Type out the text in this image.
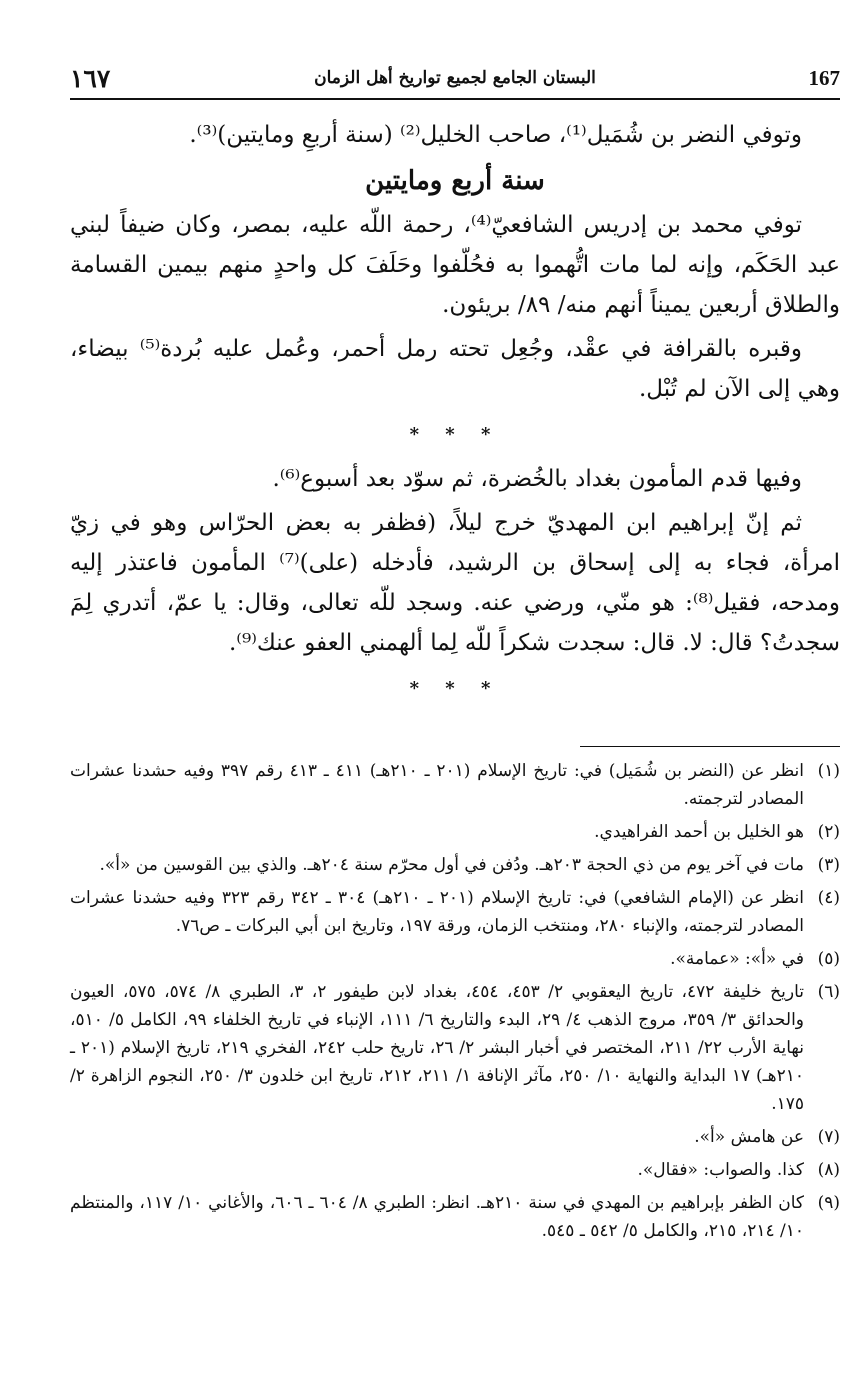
١٦٧	البستان الجامع لجميع تواريخ أهل الزمان	167

وتوفي النضر بن شُمَيل⁽¹⁾، صاحب الخليل⁽²⁾ (سنة أربعِ ومايتين)⁽³⁾.

سنة أربع ومايتين

توفي محمد بن إدريس الشافعيّ⁽⁴⁾، رحمة اللّه عليه، بمصر، وكان ضيفاً لبني عبد الحَكَم، وإنه لما مات اتُّهموا به فحُلّفوا وحَلَفَ كل واحدٍ منهم بيمين القسامة والطلاق أربعين يميناً أنهم منه/ ٨٩/ بريئون.

وقبره بالقرافة في عقْد، وجُعِل تحته رمل أحمر، وعُمل عليه بُردة⁽⁵⁾ بيضاء، وهي إلى الآن لم تُبْل.

* * *

وفيها قدم المأمون بغداد بالخُضرة، ثم سوّد بعد أسبوع⁽⁶⁾.

ثم إنّ إبراهيم ابن المهديّ خرج ليلاً، (فظفر به بعض الحرّاس وهو في زيّ امرأة، فجاء به إلى إسحاق بن الرشيد، فأدخله (على)⁽⁷⁾ المأمون فاعتذر إليه ومدحه، فقيل⁽⁸⁾: هو منّي، ورضي عنه. وسجد للّه تعالى، وقال: يا عمّ، أتدري لِمَ سجدتُ؟ قال: لا. قال: سجدت شكراً للّه لِما ألهمني العفو عنك⁽⁹⁾.

* * *

(١)
انظر عن (النضر بن شُمَيل) في: تاريخ الإسلام (٢٠١ ـ ٢١٠هـ) ٤١١ ـ ٤١٣ رقم ٣٩٧ وفيه حشدنا عشرات المصادر لترجمته.

(٢)
هو الخليل بن أحمد الفراهيدي.

(٣)
مات في آخر يوم من ذي الحجة ٢٠٣هـ. ودُفن في أول محرّم سنة ٢٠٤هـ. والذي بين القوسين من «أ».

(٤)
انظر عن (الإمام الشافعي) في: تاريخ الإسلام (٢٠١ ـ ٢١٠هـ) ٣٠٤ ـ ٣٤٢ رقم ٣٢٣ وفيه حشدنا عشرات المصادر لترجمته، والإنباء ٢٨٠، ومنتخب الزمان، ورقة ١٩٧، وتاريخ ابن أبي البركات ـ ص٧٦.

(٥)
في «أ»: «عمامة».

(٦)
تاريخ خليفة ٤٧٢، تاريخ اليعقوبي ٢/ ٤٥٣، ٤٥٤، بغداد لابن طيفور ٢، ٣، الطبري ٨/ ٥٧٤، ٥٧٥، العيون والحدائق ٣/ ٣٥٩، مروج الذهب ٤/ ٢٩، البدء والتاريخ ٦/ ١١١، الإنباء في تاريخ الخلفاء ٩٩، الكامل ٥/ ٥١٠، نهاية الأرب ٢٢/ ٢١١، المختصر في أخبار البشر ٢/ ٢٦، تاريخ حلب ٢٤٢، الفخري ٢١٩، تاريخ الإسلام (٢٠١ ـ ٢١٠هـ) ١٧ البداية والنهاية ١٠/ ٢٥٠، مآثر الإنافة ١/ ٢١١، ٢١٢، تاريخ ابن خلدون ٣/ ٢٥٠، النجوم الزاهرة ٢/ ١٧٥.

(٧)
عن هامش «أ».

(٨)
كذا. والصواب: «فقال».

(٩)
كان الظفر بإبراهيم بن المهدي في سنة ٢١٠هـ. انظر: الطبري ٨/ ٦٠٤ ـ ٦٠٦، والأغاني ١٠/ ١١٧، والمنتظم ١٠/ ٢١٤، ٢١٥، والكامل ٥/ ٥٤٢ ـ ٥٤٥.
